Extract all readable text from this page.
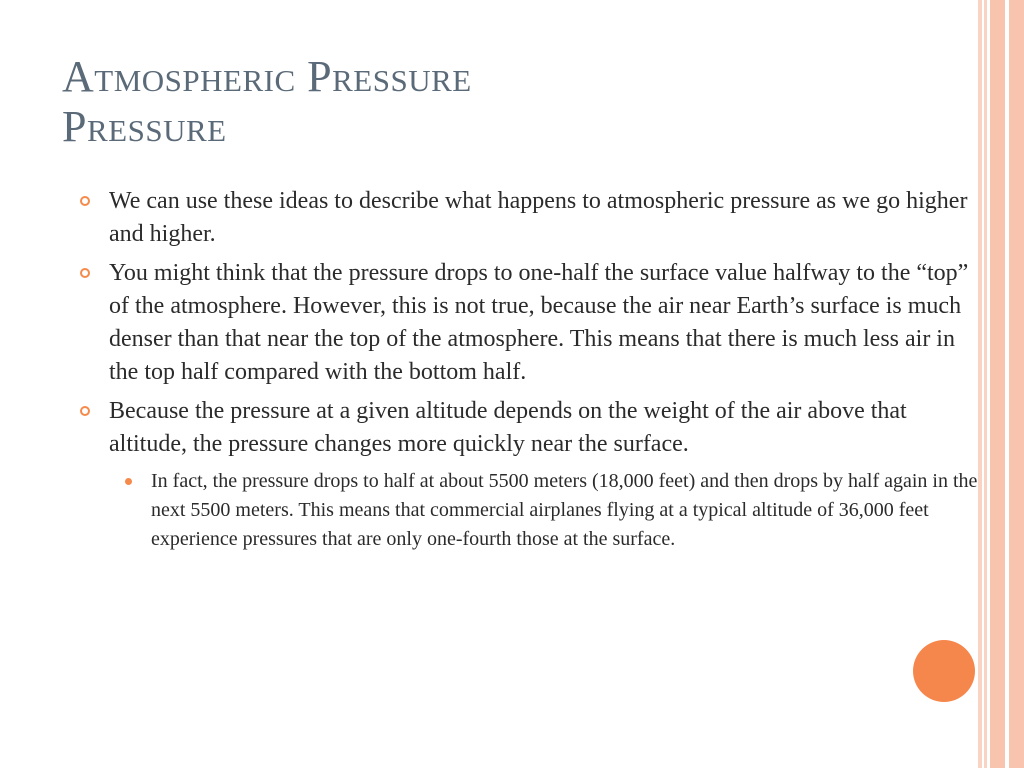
Atmospheric Pressure
Pressure
We can use these ideas to describe what happens to atmospheric pressure as we go higher and higher.
You might think that the pressure drops to one-half the surface value halfway to the “top” of the atmosphere. However, this is not true, because the air near Earth’s surface is much denser than that near the top of the atmosphere. This means that there is much less air in the top half compared with the bottom half.
Because the pressure at a given altitude depends on the weight of the air above that altitude, the pressure changes more quickly near the surface.
In fact, the pressure drops to half at about 5500 meters (18,000 feet) and then drops by half again in the next 5500 meters. This means that commercial airplanes flying at a typical altitude of 36,000 feet experience pressures that are only one-fourth those at the surface.
